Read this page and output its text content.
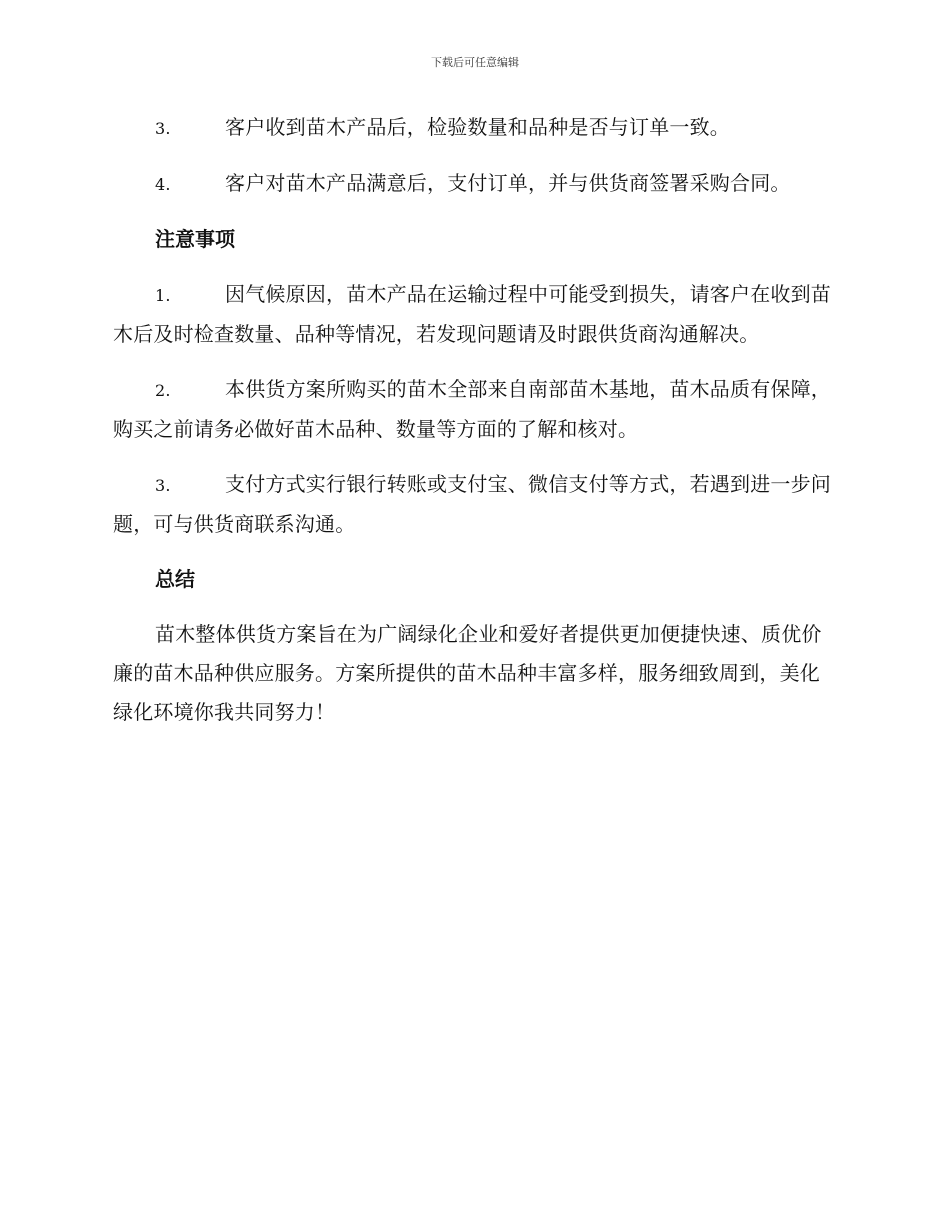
下载后可任意编辑

3.	客户收到苗木产品后，检验数量和品种是否与订单一致。

4.	客户对苗木产品满意后，支付订单，并与供货商签署采购合同。

注意事项

1.	因气候原因，苗木产品在运输过程中可能受到损失，请客户在收到苗木后及时检查数量、品种等情况，若发现问题请及时跟供货商沟通解决。

2.	本供货方案所购买的苗木全部来自南部苗木基地，苗木品质有保障，购买之前请务必做好苗木品种、数量等方面的了解和核对。

3.	支付方式实行银行转账或支付宝、微信支付等方式，若遇到进一步问题，可与供货商联系沟通。

总结

苗木整体供货方案旨在为广阔绿化企业和爱好者提供更加便捷快速、质优价廉的苗木品种供应服务。方案所提供的苗木品种丰富多样，服务细致周到，美化绿化环境你我共同努力！
